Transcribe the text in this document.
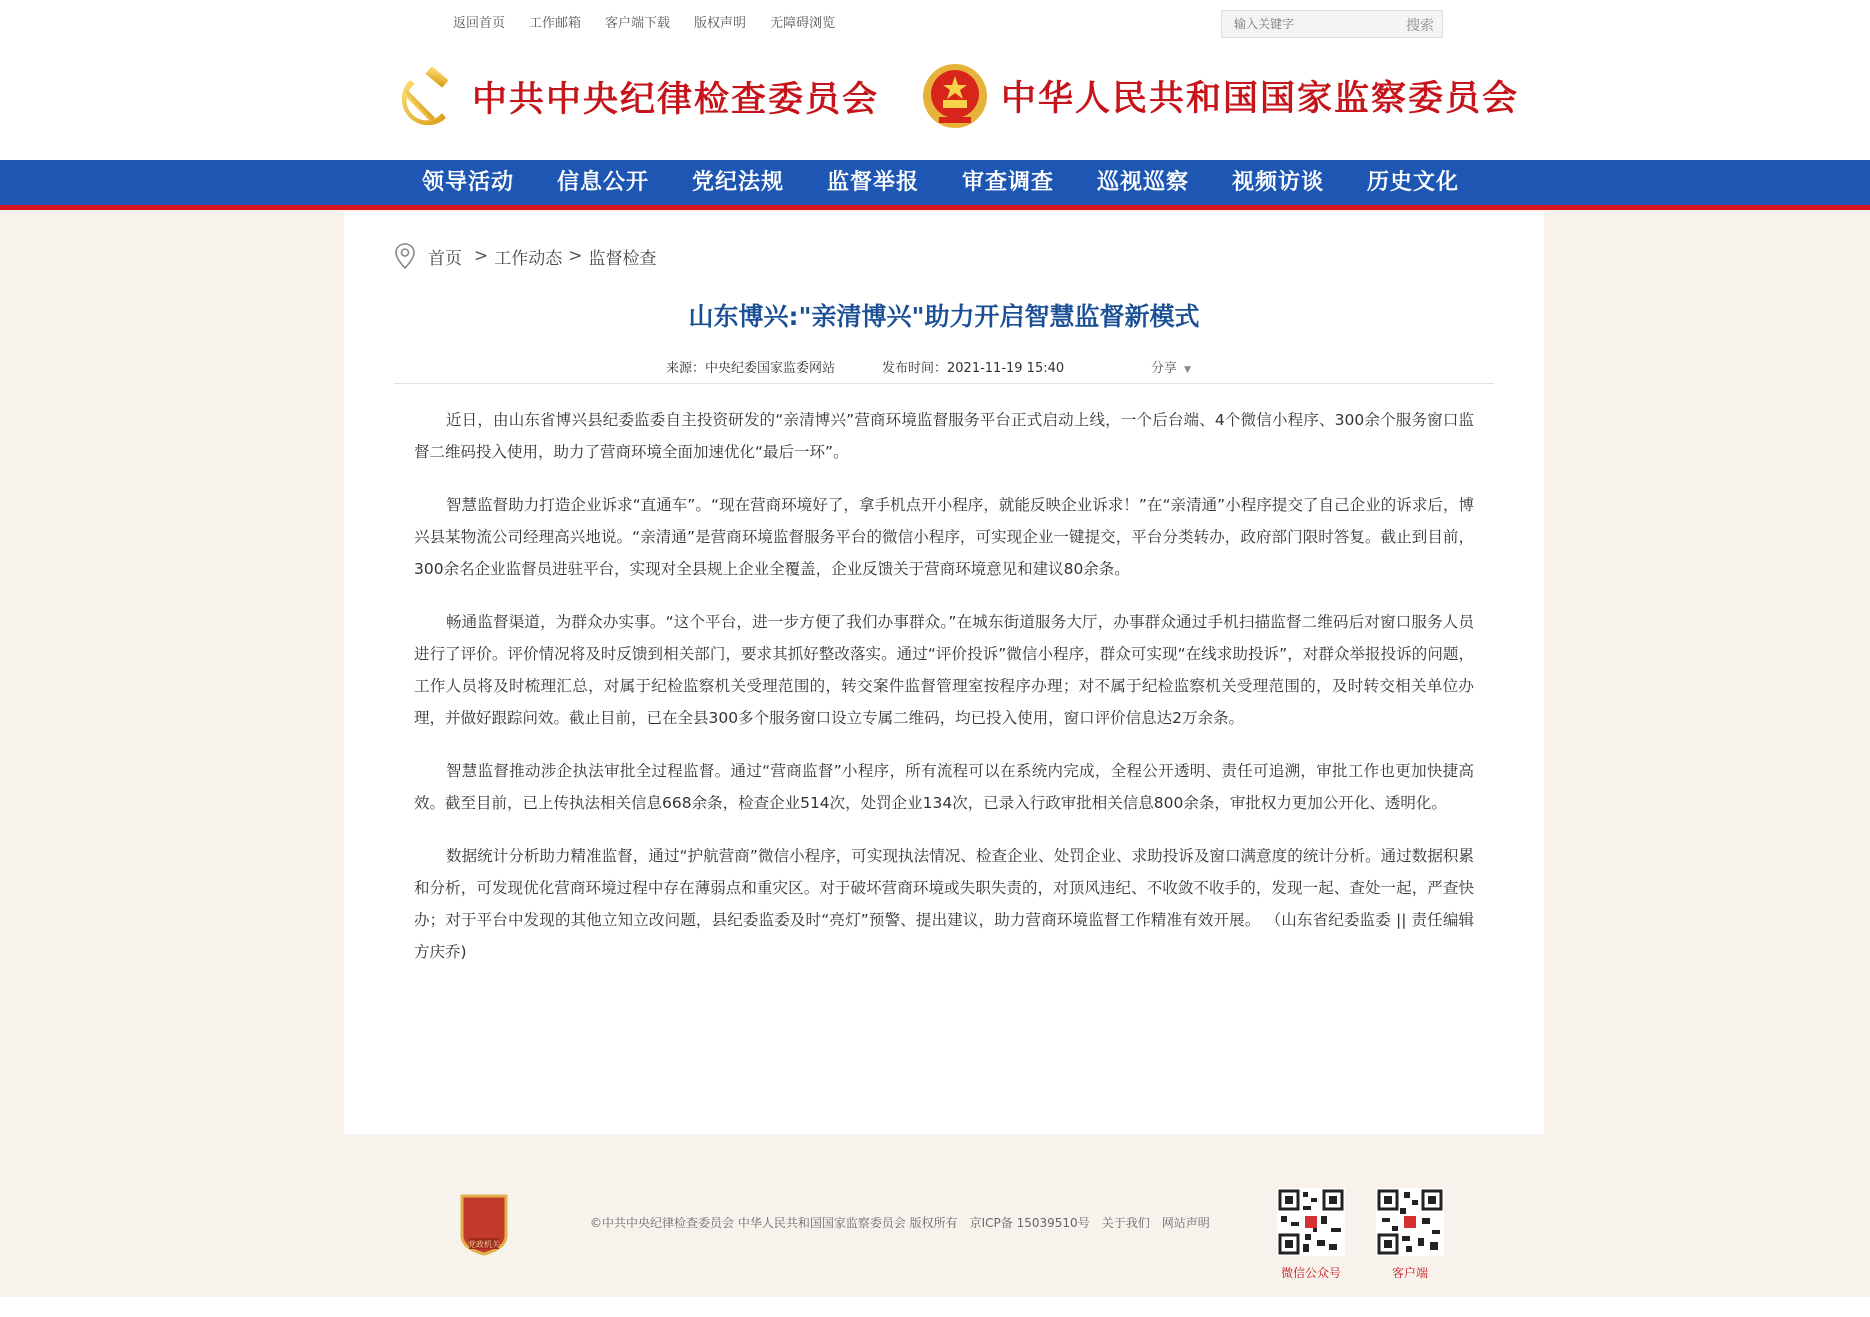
返回首页 工作邮箱 客户端下载 版权声明 无障碍浏览
输入关键字	搜索
中共中央纪律检查委员会	中华人民共和国国家监察委员会
领导活动	信息公开	党纪法规	监督举报	审查调查	巡视巡察	视频访谈	历史文化
首页 > 工作动态 > 监督检查
山东博兴:"亲清博兴"助力开启智慧监督新模式
来源：中央纪委国家监委网站	发布时间：2021-11-19 15:40	分享 ▼

近日，由山东省博兴县纪委监委自主投资研发的“亲清博兴”营商环境监督服务平台正式启动上线，一个后台端、4个微信小程序、300余个服务窗口监督二维码投入使用，助力了营商环境全面加速优化“最后一环”。

智慧监督助力打造企业诉求“直通车”。“现在营商环境好了，拿手机点开小程序，就能反映企业诉求！”在“亲清通”小程序提交了自己企业的诉求后，博兴县某物流公司经理高兴地说。“亲清通”是营商环境监督服务平台的微信小程序，可实现企业一键提交，平台分类转办，政府部门限时答复。截止到目前，300余名企业监督员进驻平台，实现对全县规上企业全覆盖，企业反馈关于营商环境意见和建议80余条。

畅通监督渠道，为群众办实事。“这个平台，进一步方便了我们办事群众。”在城东街道服务大厅，办事群众通过手机扫描监督二维码后对窗口服务人员进行了评价。评价情况将及时反馈到相关部门，要求其抓好整改落实。通过“评价投诉”微信小程序，群众可实现“在线求助投诉”，对群众举报投诉的问题，工作人员将及时梳理汇总，对属于纪检监察机关受理范围的，转交案件监督管理室按程序办理；对不属于纪检监察机关受理范围的，及时转交相关单位办理，并做好跟踪问效。截止目前，已在全县300多个服务窗口设立专属二维码，均已投入使用，窗口评价信息达2万余条。

智慧监督推动涉企执法审批全过程监督。通过“营商监督”小程序，所有流程可以在系统内完成，全程公开透明、责任可追溯，审批工作也更加快捷高效。截至目前，已上传执法相关信息668余条，检查企业514次，处罚企业134次，已录入行政审批相关信息800余条，审批权力更加公开化、透明化。

数据统计分析助力精准监督，通过“护航营商”微信小程序，可实现执法情况、检查企业、处罚企业、求助投诉及窗口满意度的统计分析。通过数据积累和分析，可发现优化营商环境过程中存在薄弱点和重灾区。对于破坏营商环境或失职失责的，对顶风违纪、不收敛不收手的，发现一起、查处一起，严查快办；对于平台中发现的其他立知立改问题，县纪委监委及时“亮灯”预警、提出建议，助力营商环境监督工作精准有效开展。 （山东省纪委监委 || 责任编辑 方庆乔)

党政机关
©中共中央纪律检查委员会 中华人民共和国国家监察委员会 版权所有 京ICP备 15039510号 关于我们 网站声明
微信公众号	客户端
